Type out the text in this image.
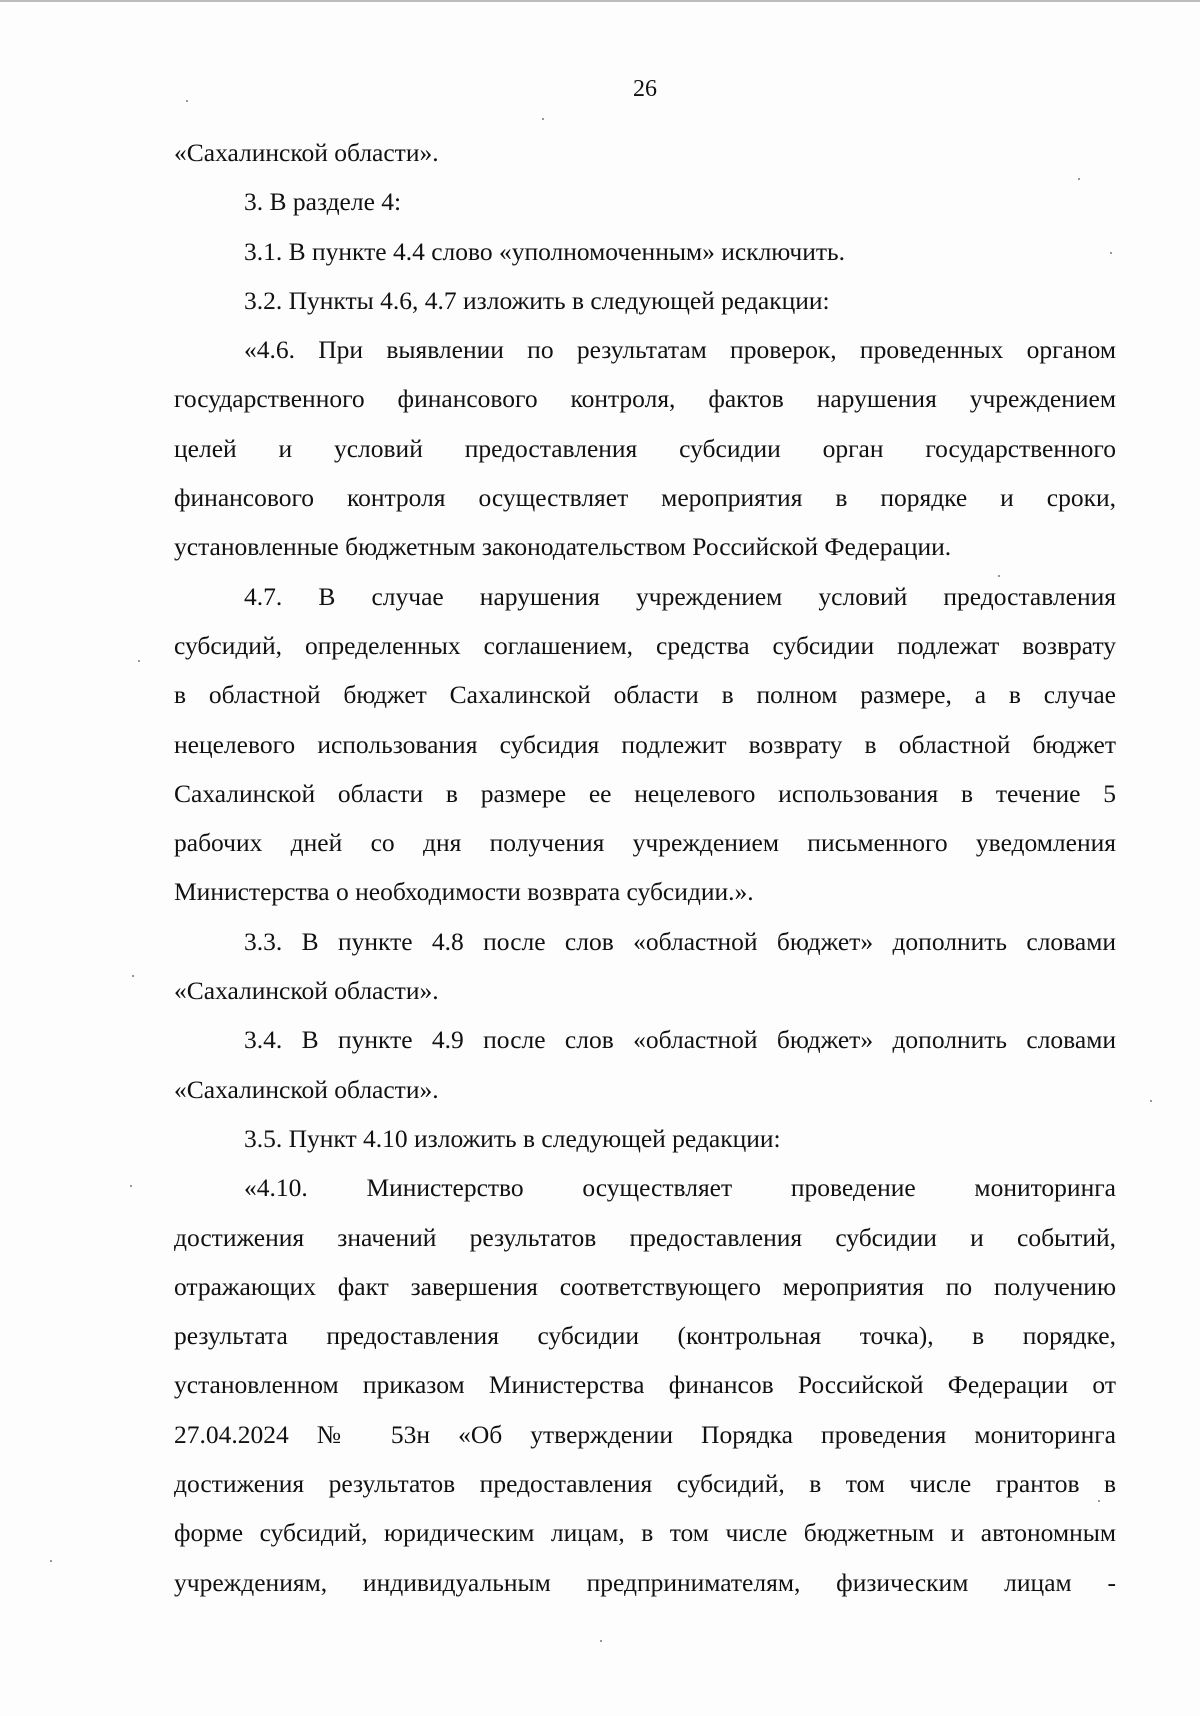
26
«Сахалинской области».
3. В разделе 4:
3.1. В пункте 4.4 слово «уполномоченным» исключить.
3.2. Пункты 4.6, 4.7 изложить в следующей редакции:
«4.6. При выявлении по результатам проверок, проведенных органом
государственного финансового контроля, фактов нарушения учреждением
целей и условий предоставления субсидии орган государственного
финансового контроля осуществляет мероприятия в порядке и сроки,
установленные бюджетным законодательством Российской Федерации.
4.7. В случае нарушения учреждением условий предоставления
субсидий, определенных соглашением, средства субсидии подлежат возврату
в областной бюджет Сахалинской области в полном размере, а в случае
нецелевого использования субсидия подлежит возврату в областной бюджет
Сахалинской области в размере ее нецелевого использования в течение 5
рабочих дней со дня получения учреждением письменного уведомления
Министерства о необходимости возврата субсидии.».
3.3. В пункте 4.8 после слов «областной бюджет» дополнить словами
«Сахалинской области».
3.4. В пункте 4.9 после слов «областной бюджет» дополнить словами
«Сахалинской области».
3.5. Пункт 4.10 изложить в следующей редакции:
«4.10. Министерство осуществляет проведение мониторинга
достижения значений результатов предоставления субсидии и событий,
отражающих факт завершения соответствующего мероприятия по получению
результата предоставления субсидии (контрольная точка), в порядке,
установленном приказом Министерства финансов Российской Федерации от
27.04.2024 № 53н «Об утверждении Порядка проведения мониторинга
достижения результатов предоставления субсидий, в том числе грантов в
форме субсидий, юридическим лицам, в том числе бюджетным и автономным
учреждениям, индивидуальным предпринимателям, физическим лицам -
